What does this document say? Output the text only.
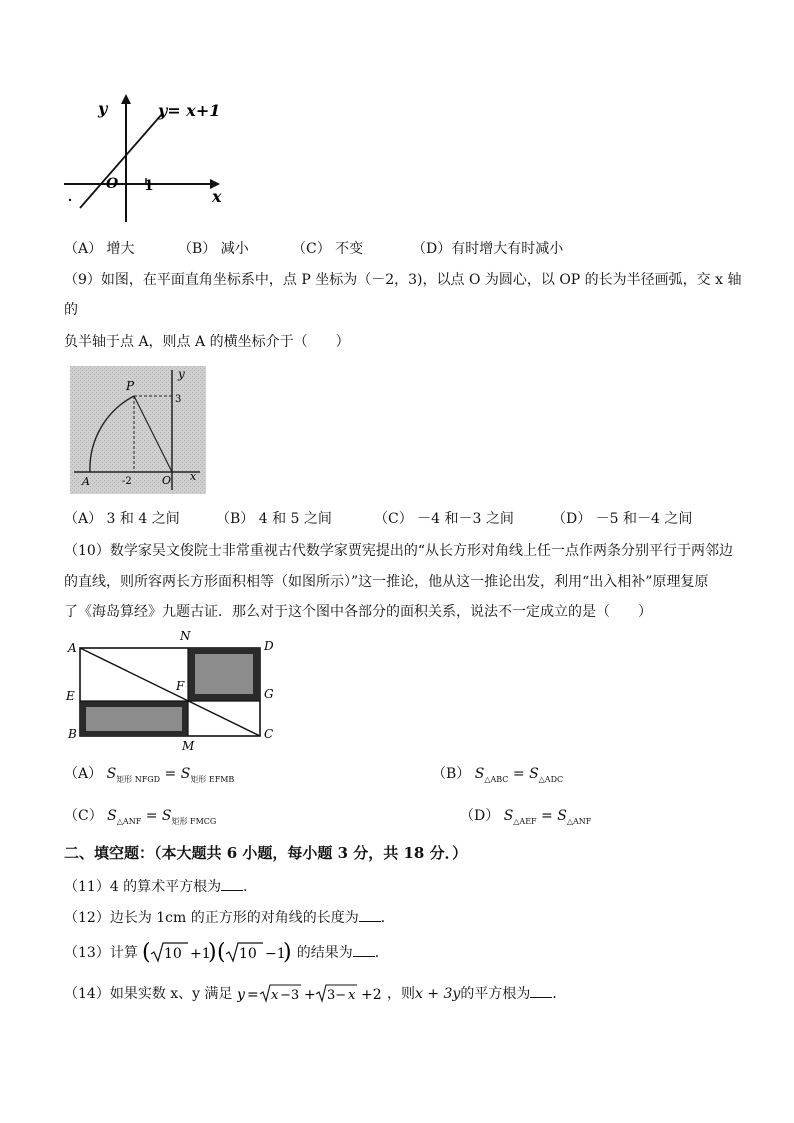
y	y= x+1
O 1
x
（A） 增大	（B） 减小	（C） 不变	（D）有时增大有时减小
（9）如图，在平面直角坐标系中，点 P 坐标为（－2，3)，以点 O 为圆心，以 OP 的长为半径画弧，交 x 轴
的
负半轴于点 A，则点 A 的横坐标介于（　　）
P
y
3
A	-2	O x
（A） 3 和 4 之间	（B） 4 和 5 之间	（C） －4 和－3 之间	（D） －5 和－4 之间
（10）数学家吴文俊院士非常重视古代数学家贾宪提出的“从长方形对角线上任一点作两条分别平行于两邻边
的直线，则所容两长方形面积相等（如图所示）”这一推论，他从这一推论出发，利用“出入相补”原理复原
了《海岛算经》九题古证．那么对于这个图中各部分的面积关系，说法不一定成立的是（　　）
A
N
D
E
F
G
B
M
C
（A） $S_{矩形 NFGD} = S_{矩形 EFMB}$	（B） $S_{\triangle ABC} = S_{\triangle ADC}$
（C） $S_{\triangle ANF} = S_{矩形 FMCG}$	（D） $S_{\triangle AEF} = S_{\triangle ANF}$
二、填空题：（本大题共 6 小题，每小题 3 分，共 18 分．）
（11）4 的算术平方根为 ．
（12）边长为 1cm 的正方形的对角线的长度为 ．
（13）计算 ( 10 +1
) ( 10 −1
) 的结果为 ．
（14）如果实数 x、y 满足 y = x −3 + 3− x +2 ，则x + 3y的平方根为 ．
